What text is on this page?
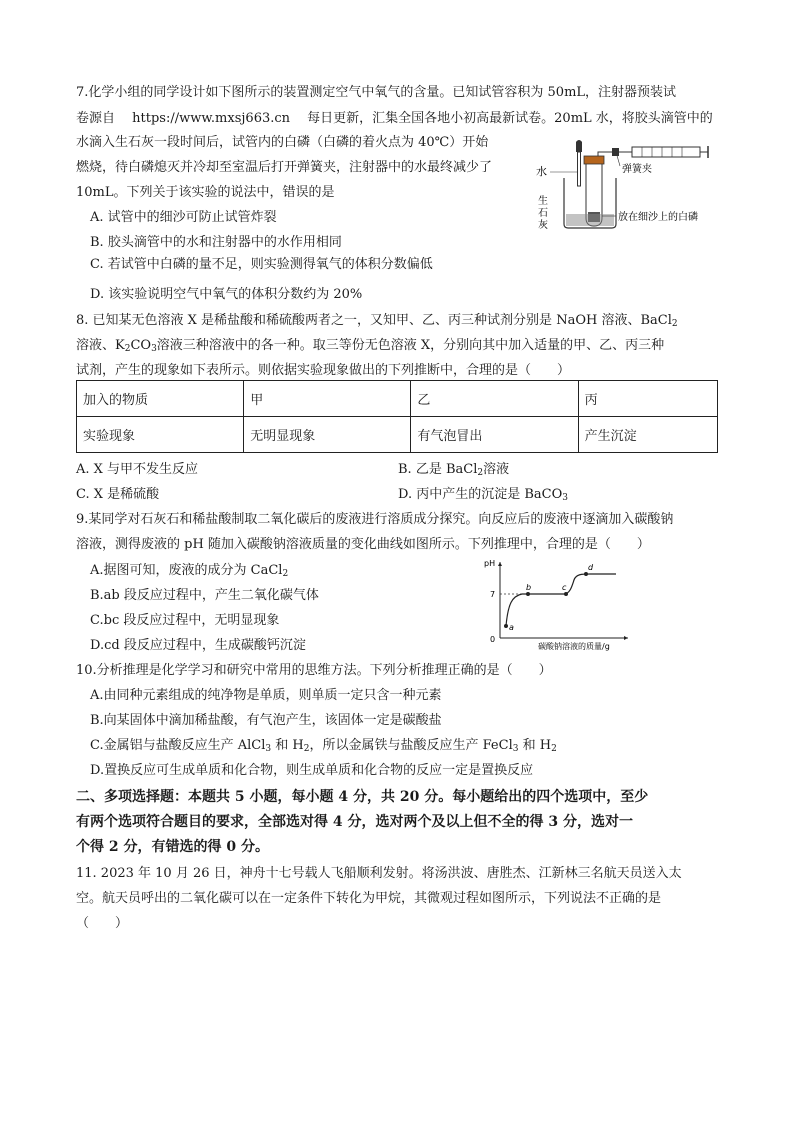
7.化学小组的同学设计如下图所示的装置测定空气中氧气的含量。已知试管容积为 50mL，注射器预装试
卷源自　 https://www.mxsj663.cn　 每日更新，汇集全国各地小初高最新试卷。20mL 水，将胶头滴管中的
水滴入生石灰一段时间后，试管内的白磷（白磷的着火点为 40℃）开始
燃烧，待白磷熄灭并冷却至室温后打开弹簧夹，注射器中的水最终减少了
10mL。下列关于该实验的说法中，错误的是
A. 试管中的细沙可防止试管炸裂
B. 胶头滴管中的水和注射器中的水作用相同
C. 若试管中白磷的量不足，则实验测得氧气的体积分数偏低
D. 该实验说明空气中氧气的体积分数约为 20%
水
生
石
灰
弹簧夹
放在细沙上的白磷
8. 已知某无色溶液 X 是稀盐酸和稀硫酸两者之一，又知甲、乙、丙三种试剂分别是 NaOH 溶液、BaCl$_2$
溶液、$K_2CO_3$溶液三种溶液中的各一种。取三等份无色溶液 X，分别向其中加入适量的甲、乙、丙三种
试剂，产生的现象如下表所示。则依据实验现象做出的下列推断中，合理的是（　　）
加入的物质	甲	乙	丙
实验现象	无明显现象	有气泡冒出	产生沉淀
A. X 与甲不发生反应	B. 乙是 BaCl$_2$溶液
C. X 是稀硫酸	D. 丙中产生的沉淀是 BaCO$_3$
9.某同学对石灰石和稀盐酸制取二氧化碳后的废液进行溶质成分探究。向反应后的废液中逐滴加入碳酸钠
溶液，测得废液的 pH 随加入碳酸钠溶液质量的变化曲线如图所示。下列推理中，合理的是（　　）
A.据图可知，废液的成分为 CaCl$_2$
B.ab 段反应过程中，产生二氧化碳气体
C.bc 段反应过程中，无明显现象
D.cd 段反应过程中，生成碳酸钙沉淀
pH
7
0
a
b	c
d
碳酸钠溶液的质量/g
10.分析推理是化学学习和研究中常用的思维方法。下列分析推理正确的是（　　）
A.由同种元素组成的纯净物是单质，则单质一定只含一种元素
B.向某固体中滴加稀盐酸，有气泡产生，该固体一定是碳酸盐
C.金属铝与盐酸反应生产 AlCl$_3$ 和 $H_2$，所以金属铁与盐酸反应生产 FeCl$_3$ 和 $H_2$
D.置换反应可生成单质和化合物，则生成单质和化合物的反应一定是置换反应
二、多项选择题：本题共 5 小题，每小题 4 分，共 20 分。每小题给出的四个选项中，至少
有两个选项符合题目的要求，全部选对得 4 分，选对两个及以上但不全的得 3 分，选对一
个得 2 分，有错选的得 0 分。
11. 2023 年 10 月 26 日，神舟十七号载人飞船顺利发射。将汤洪波、唐胜杰、江新林三名航天员送入太
空。航天员呼出的二氧化碳可以在一定条件下转化为甲烷，其微观过程如图所示，下列说法不正确的是
（　　）
